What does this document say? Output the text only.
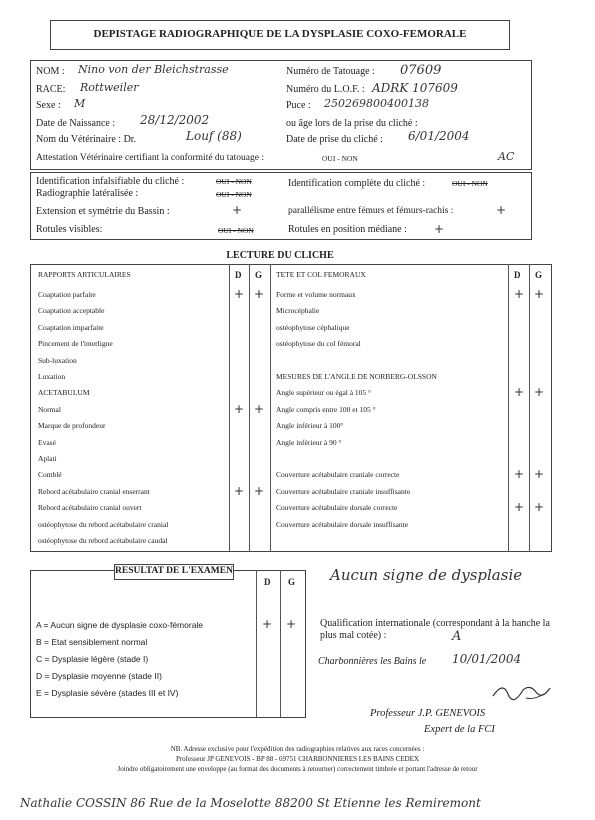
DEPISTAGE RADIOGRAPHIQUE DE LA DYSPLASIE COXO-FEMORALE
NOM : Nino von der Bleichstrasse
RACE: Rottweiler
Sexe : M
Date de Naissance : 28/12/2002
Nom du Vétérinaire : Dr.	Louf (88)
Numéro de Tatouage : 07609
Numéro du L.O.F. : ADRK 107609
Puce : 250269800400138
ou âge lors de la prise du cliché :
Date de prise du cliché : 6/01/2004
Attestation Vétérinaire certifiant la conformité du tatouage :	OUI - NON	AC
Identification infalsifiable du cliché :	OUI - NON
Radiographie latéralisée :	OUI - NON
Extension et symétrie du Bassin :	+
Rotules visibles:	OUI - NON
Identification complète du cliché :	OUI - NON
parallélisme entre fémurs et fémurs-rachis :	+
Rotules en position médiane : +
LECTURE DU CLICHE
RAPPORTS ARTICULAIRES	D G TETE ET COL FEMORAUX	D G
Coaptation parfaite	+ +
Coaptation acceptable
Coaptation imparfaite
Pincement de l'interligne
Sub-luxation
Luxation
ACETABULUM
Normal	+ +
Marque de profondeur
Evasé
Aplati
Comblé
Rebord acétabulaire cranial enserrant	+ +
Rebord acétabulaire cranial ouvert
ostéophytose du rebord acétabulaire cranial
ostéophytose du rebord acétabulaire caudal
Forme et volume normaux	+ +
Microcéphalie
ostéophytose céphalique
ostéophytose du col fémoral
MESURES DE L'ANGLE DE NORBERG-OLSSON
Angle supérieur ou égal à 105 °	+ +
Angle compris entre 100 et 105 °
Angle inférieur à 100°
Angle inférieur à 90 °
Couverture acétabulaire craniale correcte	+ +
Couverture acétabulaire craniale insuffisante
Couverture acétabulaire dorsale correcte	+ +
Couverture acétabulaire dorsale insuffisante
RESULTAT DE L'EXAMEN
D G
A = Aucun signe de dysplasie coxo-fémorale	+ +
B = Etat sensiblement normal
C = Dysplasie légère (stade I)
D = Dysplasie moyenne (stade II)
E = Dysplasie sévère (stades III et IV)
Aucun signe de dysplasie
Qualification internationale (correspondant à la hanche la plus mal cotée) :	A
Charbonnières les Bains le 10/01/2004
Professeur J.P. GENEVOIS
Expert de la FCI
NB. Adresse exclusive pour l'expédition des radiographies relatives aux races concernées :
Professeur JP GENEVOIS - BP 88 - 69751 CHARBONNIERES LES BAINS CEDEX
Joindre obligatoirement une enveloppe (au format des documents à retourner) correctement timbrée et portant l'adresse de retour
Nathalie COSSIN 86 Rue de la Moselotte 88200 St Etienne les Remiremont
